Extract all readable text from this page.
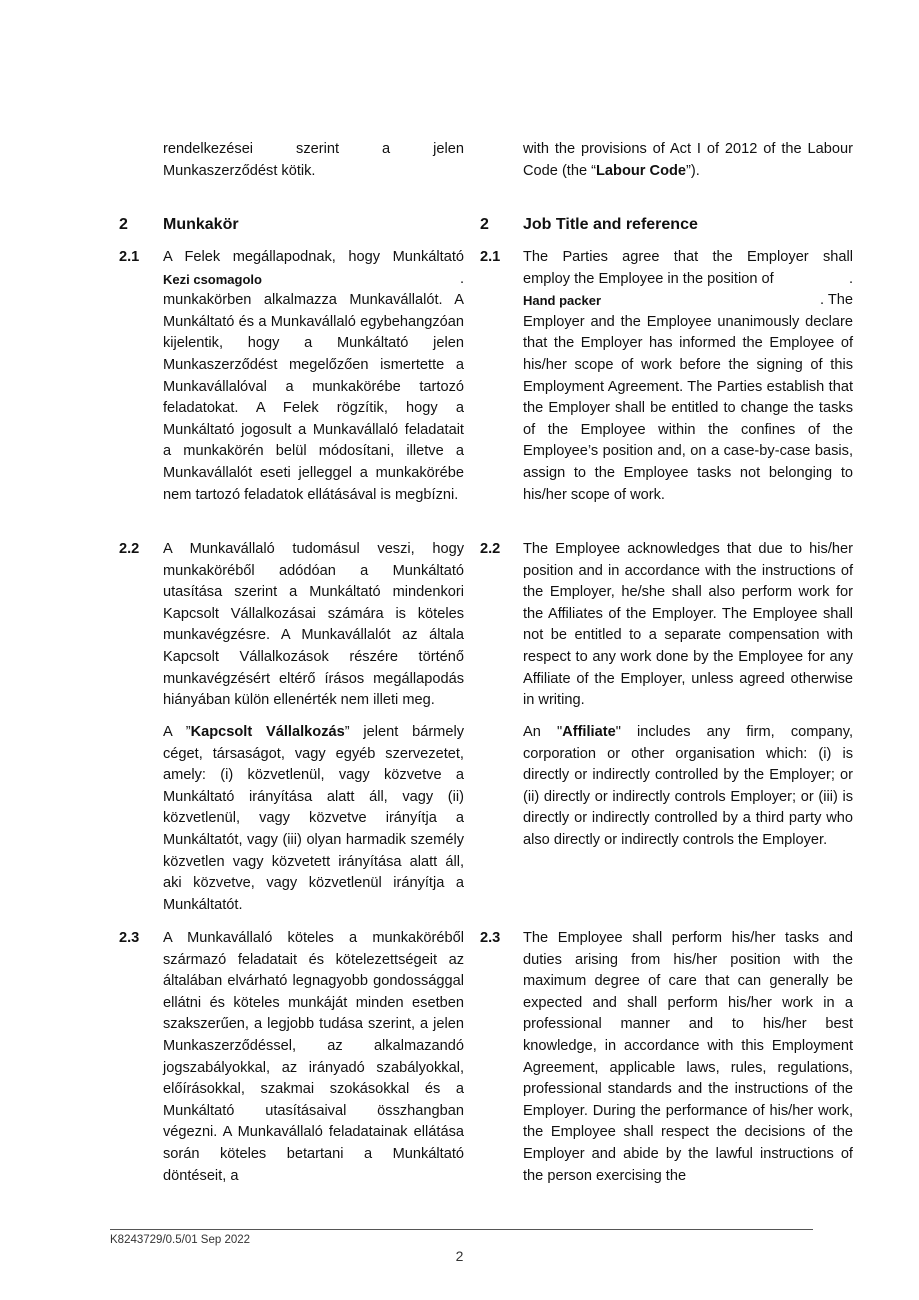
rendelkezései szerint a jelen
Munkaszerződést kötik.
with the provisions of Act I of 2012 of the Labour Code (the “Labour Code”).
2 Munkakör	2 Job Title and reference
2.1 A Felek megállapodnak, hogy Munkáltató
Kezi csomagolo	.
munkakörben alkalmazza Munkavállalót. A Munkáltató és a Munkavállaló egybehangzóan kijelentik, hogy a Munkáltató jelen Munkaszerződést megelőzően ismertette a Munkavállalóval a munkakörébe tartozó feladatokat. A Felek rögzítik, hogy a Munkáltató jogosult a Munkavállaló feladatait a munkakörén belül módosítani, illetve a Munkavállalót eseti jelleggel a munkakörébe nem tartozó feladatok ellátásával is megbízni.
2.1 The Parties agree that the Employer shall
employ the Employee in the position of	.
Hand packer	. The
Employer and the Employee unanimously declare that the Employer has informed the Employee of his/her scope of work before the signing of this Employment Agreement. The Parties establish that the Employer shall be entitled to change the tasks of the Employee within the confines of the Employee’s position and, on a case-by-case basis, assign to the Employee tasks not belonging to his/her scope of work.
2.2 A Munkavállaló tudomásul veszi, hogy munkaköréből adódóan a Munkáltató utasítása szerint a Munkáltató mindenkori Kapcsolt Vállalkozásai számára is köteles munkavégzésre. A Munkavállalót az általa Kapcsolt Vállalkozások részére történő munkavégzésért eltérő írásos megállapodás hiányában külön ellenérték nem illeti meg.
2.2 The Employee acknowledges that due to his/her position and in accordance with the instructions of the Employer, he/she shall also perform work for the Affiliates of the Employer. The Employee shall not be entitled to a separate compensation with respect to any work done by the Employee for any Affiliate of the Employer, unless agreed otherwise in writing.
A ”Kapcsolt Vállalkozás” jelent bármely céget, társaságot, vagy egyéb szervezetet, amely: (i) közvetlenül, vagy közvetve a Munkáltató irányítása alatt áll, vagy (ii) közvetlenül, vagy közvetve irányítja a Munkáltatót, vagy (iii) olyan harmadik személy közvetlen vagy közvetett irányítása alatt áll, aki közvetve, vagy közvetlenül irányítja a Munkáltatót.
An "Affiliate" includes any firm, company, corporation or other organisation which: (i) is directly or indirectly controlled by the Employer; or (ii) directly or indirectly controls Employer; or (iii) is directly or indirectly controlled by a third party who also directly or indirectly controls the Employer.
2.3 A Munkavállaló köteles a munkaköréből származó feladatait és kötelezettségeit az általában elvárható legnagyobb gondossággal ellátni és köteles munkáját minden esetben szakszerűen, a legjobb tudása szerint, a jelen Munkaszerződéssel, az alkalmazandó jogszabályokkal, az irányadó szabályokkal, előírásokkal, szakmai szokásokkal és a Munkáltató utasításaival összhangban végezni. A Munkavállaló feladatainak ellátása során köteles betartani a Munkáltató döntéseit, a
2.3 The Employee shall perform his/her tasks and duties arising from his/her position with the maximum degree of care that can generally be expected and shall perform his/her work in a professional manner and to his/her best knowledge, in accordance with this Employment Agreement, applicable laws, rules, regulations, professional standards and the instructions of the Employer. During the performance of his/her work, the Employee shall respect the decisions of the Employer and abide by the lawful instructions of the person exercising the
K8243729/0.5/01 Sep 2022
2
